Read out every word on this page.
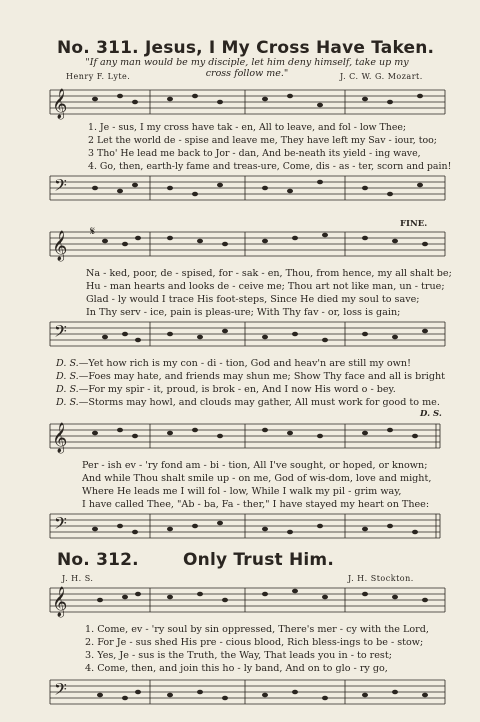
No. 311. Jesus, I My Cross Have Taken.
"If any man would be my disciple, let him deny himself, take up my cross follow me."
Henry F. Lyte.	J. C. W. G. Mozart.
𝄞
1. Je - sus, I my cross have tak - en, All to leave, and fol - low Thee;
2 Let the world de - spise and leave me, They have left my Sav - iour, too;
3 Tho' He lead me back to Jor - dan, And be-neath its yield - ing wave,
4. Go, then, earth-ly fame and treas-ure, Come, dis - as - ter, scorn and pain!
𝄢
FINE.
𝄞 𝄋
Na - ked, poor, de - spised, for - sak - en, Thou, from hence, my all shalt be;
Hu - man hearts and looks de - ceive me; Thou art not like man, un - true;
Glad - ly would I trace His foot-steps, Since He died my soul to save;
In Thy serv - ice, pain is pleas-ure; With Thy fav - or, loss is gain;
𝄢
D. S.—Yet how rich is my con - di - tion, God and heav'n are still my own!
D. S.—Foes may hate, and friends may shun me; Show Thy face and all is bright
D. S.—For my spir - it, proud, is brok - en, And I now His word o - bey.
D. S.—Storms may howl, and clouds may gather, All must work for good to me.
D. S.
𝄞
Per - ish ev - 'ry fond am - bi - tion, All I've sought, or hoped, or known;
And while Thou shalt smile up - on me, God of wis-dom, love and might,
Where He leads me I will fol - low, While I walk my pil - grim way,
I have called Thee, "Ab - ba, Fa - ther," I have stayed my heart on Thee:
𝄢
No. 312.	Only Trust Him.
J. H. S.	J. H. Stockton.
𝄞
1. Come, ev - 'ry soul by sin oppressed, There's mer - cy with the Lord,
2. For Je - sus shed His pre - cious blood, Rich bless-ings to be - stow;
3. Yes, Je - sus is the Truth, the Way, That leads you in - to rest;
4. Come, then, and join this ho - ly band, And on to glo - ry go,
𝄢
